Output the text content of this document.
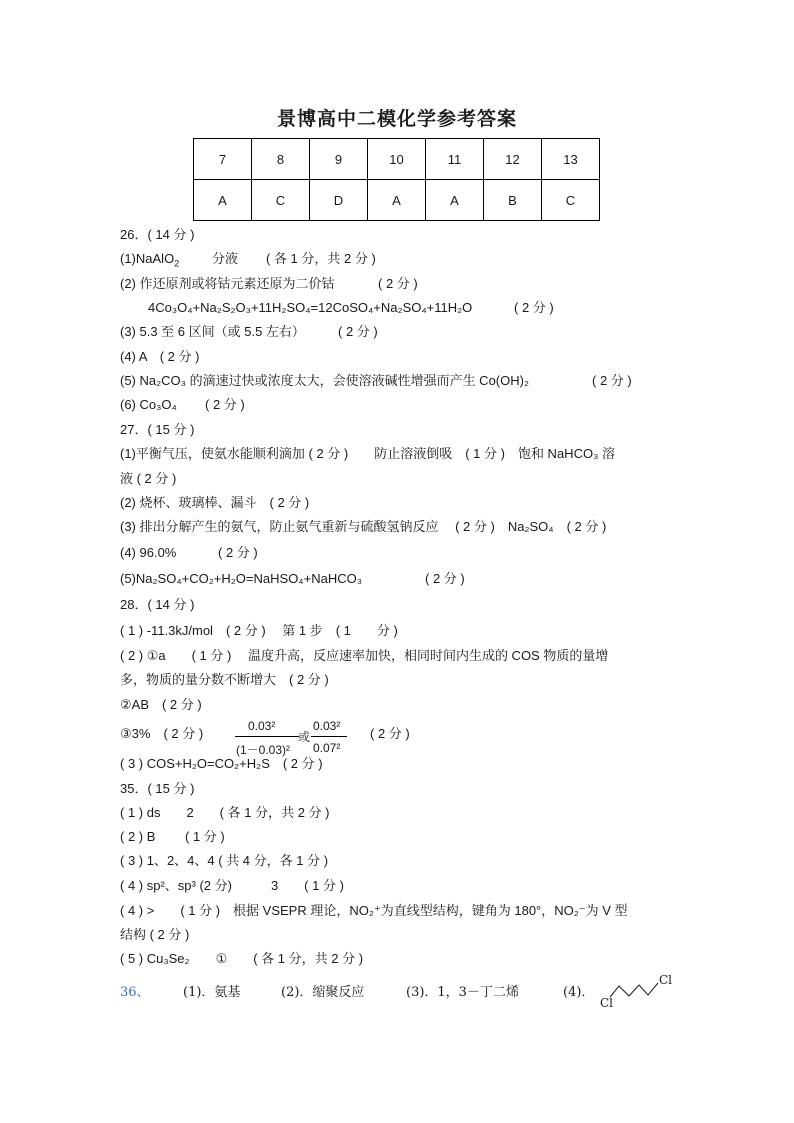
景博高中二模化学参考答案
7	8	9	10	11	12	13
A	C	D	A	A	B	C
26．( 14 分 )
(1)NaAlO$_2$	分液 ( 各 1 分，共 2 分 )
(2) 作还原剂或将钴元素还原为二价钴	( 2 分 )
4Co₃O₄+Na₂S₂O₃+11H₂SO₄=12CoSO₄+Na₂SO₄+11H₂O	( 2 分 )
(3) 5.3 至 6 区间（或 5.5 左右）	( 2 分 )
(4) A　( 2 分 )
(5) Na₂CO₃ 的滴速过快或浓度太大，会使溶液碱性增强而产生 Co(OH)₂	( 2 分 )
(6) Co₃O₄ ( 2 分 )
27．( 15 分 )
(1)平衡气压，使氨水能顺利滴加 ( 2 分 )　　防止溶液倒吸　( 1 分 )　饱和 NaHCO₃ 溶
液 ( 2 分 )
(2) 烧杯、玻璃棒、漏斗　( 2 分 )
(3) 排出分解产生的氨气，防止氨气重新与硫酸氢钠反应　 ( 2 分 )　Na₂SO₄　( 2 分 )
(4) 96.0%	( 2 分 )
(5)Na₂SO₄+CO₂+H₂O=NaHSO₄+NaHCO₃	( 2 分 )
28．( 14 分 )
( 1 ) -11.3kJ/mol　( 2 分 )　 第 1 步　( 1　　分 )
( 2 ) ①a　　( 1 分 )　 温度升高，反应速率加快，相同时间内生成的 COS 物质的量增
多，物质的量分数不断增大　( 2 分 )
②AB　( 2 分 )
③3%　( 2 分 )	0.03²
(1－0.03)²
或
0.03²
0.07²
( 2 分 )
( 3 ) COS+H₂O=CO₂+H₂S　( 2 分 )
35．( 15 分 )
( 1 ) ds　　2　　( 各 1 分，共 2 分 )
( 2 ) B　　 ( 1 分 )
( 3 ) 1、2、4、4 ( 共 4 分，各 1 分 )
( 4 ) sp²、sp³ (2 分)　　　3　　( 1 分 )
( 4 ) >　　( 1 分 )　根据 VSEPR 理论，NO₂⁺为直线型结构，键角为 180°，NO₂⁻为 V 型
结构 ( 2 分 )
( 5 ) Cu₃Se₂　　①　　( 各 1 分，共 2 分 )
36、	(1)．氨基	(2)．缩聚反应	(3)．1，3－丁二烯	(4)．
Cl
Cl
